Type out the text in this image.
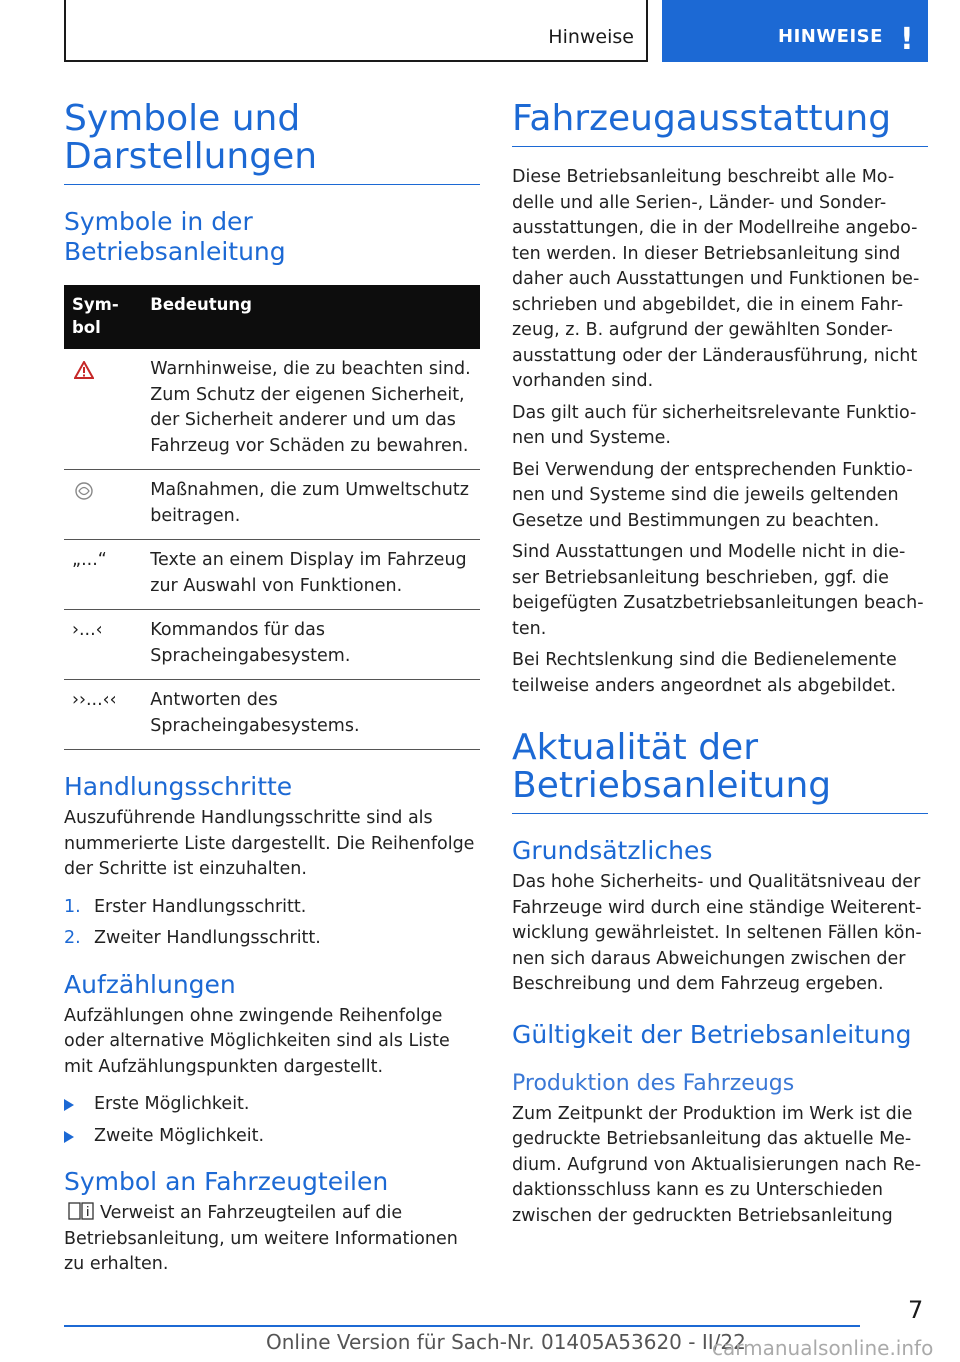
Hinweise	HINWEISE !
Symbole und Darstellungen
Symbole in der Betriebsanleitung
Sym-
bol	Bedeutung
	Warnhinweise, die zu beachten sind. Zum Schutz der eigenen Sicherheit, der Sicherheit anderer und um das Fahrzeug vor Schäden zu bewahren.
	Maßnahmen, die zum Umweltschutz beitragen.
„...“	Texte an einem Display im Fahrzeug zur Auswahl von Funktionen.
›...‹	Kommandos für das Spracheingabesystem.
››...‹‹	Antworten des Spracheingabesystems.
Handlungsschritte

Auszuführende Handlungsschritte sind als nummerierte Liste dargestellt. Die Reihenfolge der Schritte ist einzuhalten.

1. Erster Handlungsschritt.
2. Zweiter Handlungsschritt.
Aufzählungen

Aufzählungen ohne zwingende Reihenfolge oder alternative Möglichkeiten sind als Liste mit Aufzählungspunkten dargestellt.

Erste Möglichkeit.
Zweite Möglichkeit.
Symbol an Fahrzeugteilen

Verweist an Fahrzeugteilen auf die Betriebsanleitung, um weitere Informationen zu erhalten.

Fahrzeugausstattung

Diese Betriebsanleitung beschreibt alle Mo-delle und alle Serien-, Länder- und Sonder-ausstattungen, die in der Modellreihe angebo-ten werden. In dieser Betriebsanleitung sind daher auch Ausstattungen und Funktionen be-schrieben und abgebildet, die in einem Fahr-zeug, z. B. aufgrund der gewählten Sonder-ausstattung oder der Länderausführung, nicht vorhanden sind.

Das gilt auch für sicherheitsrelevante Funktio-nen und Systeme.

Bei Verwendung der entsprechenden Funktio-nen und Systeme sind die jeweils geltenden Gesetze und Bestimmungen zu beachten.

Sind Ausstattungen und Modelle nicht in die-ser Betriebsanleitung beschrieben, ggf. die beigefügten Zusatzbetriebsanleitungen beach-ten.

Bei Rechtslenkung sind die Bedienelemente teilweise anders angeordnet als abgebildet.

Aktualität der
Betriebsanleitung
Grundsätzliches

Das hohe Sicherheits- und Qualitätsniveau der Fahrzeuge wird durch eine ständige Weiterent-wicklung gewährleistet. In seltenen Fällen kön-nen sich daraus Abweichungen zwischen der Beschreibung und dem Fahrzeug ergeben.

Gültigkeit der Betriebsanleitung
Produktion des Fahrzeugs

Zum Zeitpunkt der Produktion im Werk ist die gedruckte Betriebsanleitung das aktuelle Me-dium. Aufgrund von Aktualisierungen nach Re-daktionsschluss kann es zu Unterschieden zwischen der gedruckten Betriebsanleitung

7
Online Version für Sach-Nr. 01405A53620 - II/22
carmanualsonline.info
